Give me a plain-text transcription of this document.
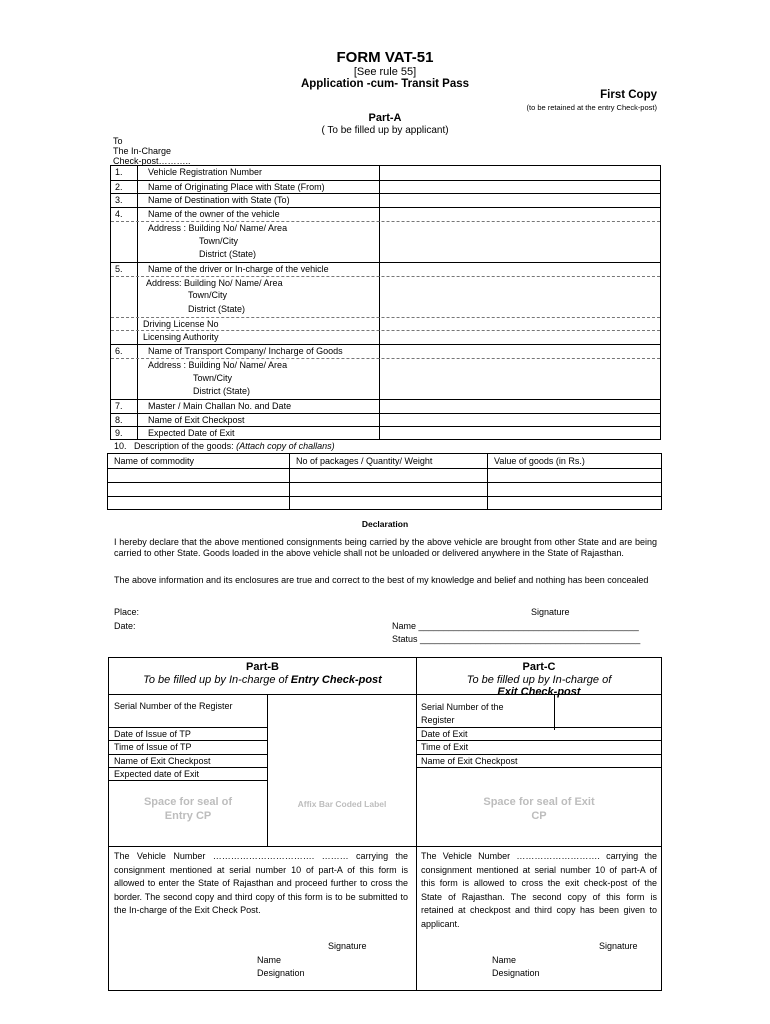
FORM VAT-51
[See rule 55]
Application -cum- Transit Pass
First Copy
(to be retained at the entry Check-post)
Part-A
( To be filled up by applicant)
To
The In-Charge
Check-post………..
1.	Vehicle Registration Number
2.	Name of Originating Place with State (From)
3.	Name of Destination with State (To)
4.	Name of the owner of the vehicle
Address : Building No/ Name/ Area
Town/City
District (State)
5.	Name of the driver or In-charge of the vehicle
Address: Building No/ Name/ Area
Town/City
District (State)
Driving License No
Licensing Authority
6.	Name of Transport Company/ Incharge of Goods
Address : Building No/ Name/ Area
Town/City
District (State)
7.	Master / Main Challan No. and Date
8.	Name of Exit Checkpost
9.	Expected Date of Exit
10. Description of the goods: (Attach copy of challans)
Name of commodity	No of packages / Quantity/ Weight	Value of goods (in Rs.)
Declaration
I hereby declare that the above mentioned consignments being carried by the above vehicle are brought from other State and are being carried to other State. Goods loaded in the above vehicle shall not be unloaded or delivered anywhere in the State of Rajasthan.
The above information and its enclosures are true and correct to the best of my knowledge and belief and nothing has been concealed
Place:
Date:
Signature
Name ____________________________________________
Status ____________________________________________
Part-B
To be filled up by In-charge of Entry Check-post
Part-C
To be filled up by In-charge of
Exit Check-post
Serial Number of the Register
Date of Issue of TP
Time of Issue of TP
Name of Exit Checkpost
Expected date of Exit
Space for seal of Entry CP
Affix Bar Coded Label
Serial Number of the
Register
Date of Exit
Time of Exit
Name of Exit Checkpost
Space for seal of Exit CP
The Vehicle Number ……………………………. ……… carrying the consignment mentioned at serial number 10 of part-A of this form is allowed to enter the State of Rajasthan and proceed further to cross the border. The second copy and third copy of this form is to be submitted to the In-charge of the Exit Check Post.
The Vehicle Number ………………………. carrying the consignment mentioned at serial number 10 of part-A of this form is allowed to cross the exit check-post of the State of Rajasthan. The second copy of this form is retained at checkpost and third copy has been given to applicant.
Signature
Name
Designation
Signature
Name
Designation
